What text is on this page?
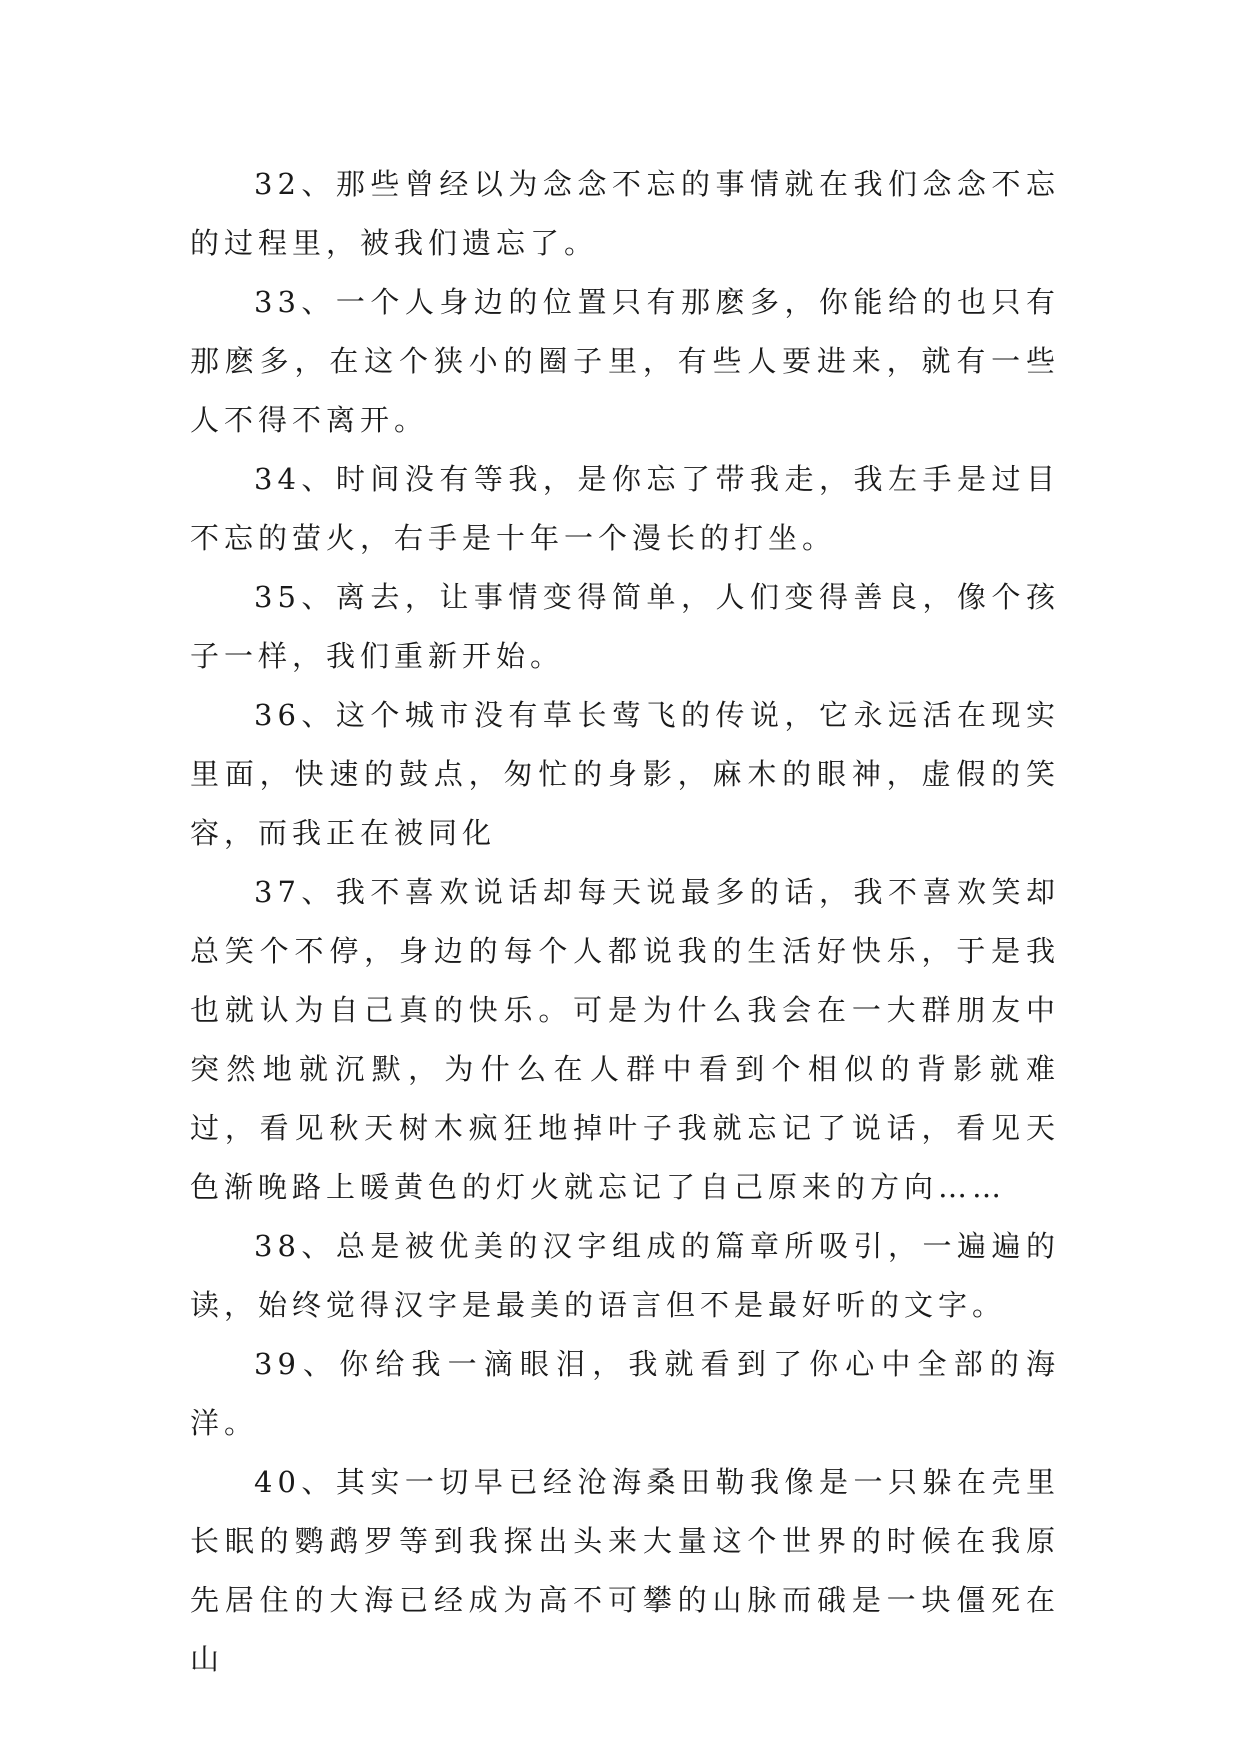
32、那些曾经以为念念不忘的事情就在我们念念不忘的过程里，被我们遗忘了。

33、一个人身边的位置只有那麽多，你能给的也只有那麽多，在这个狭小的圈子里，有些人要进来，就有一些人不得不离开。

34、时间没有等我，是你忘了带我走，我左手是过目不忘的萤火，右手是十年一个漫长的打坐。

35、离去，让事情变得简单，人们变得善良，像个孩子一样，我们重新开始。

36、这个城市没有草长莺飞的传说，它永远活在现实里面，快速的鼓点，匆忙的身影，麻木的眼神，虚假的笑容，而我正在被同化

37、我不喜欢说话却每天说最多的话，我不喜欢笑却总笑个不停，身边的每个人都说我的生活好快乐，于是我也就认为自己真的快乐。可是为什么我会在一大群朋友中突然地就沉默，为什么在人群中看到个相似的背影就难过，看见秋天树木疯狂地掉叶子我就忘记了说话，看见天色渐晚路上暖黄色的灯火就忘记了自己原来的方向……

38、总是被优美的汉字组成的篇章所吸引，一遍遍的读，始终觉得汉字是最美的语言但不是最好听的文字。

39、你给我一滴眼泪，我就看到了你心中全部的海洋。

40、其实一切早已经沧海桑田勒我像是一只躲在壳里长眠的鹦鹉罗等到我探出头来大量这个世界的时候在我原先居住的大海已经成为高不可攀的山脉而硪是一块僵死在山
